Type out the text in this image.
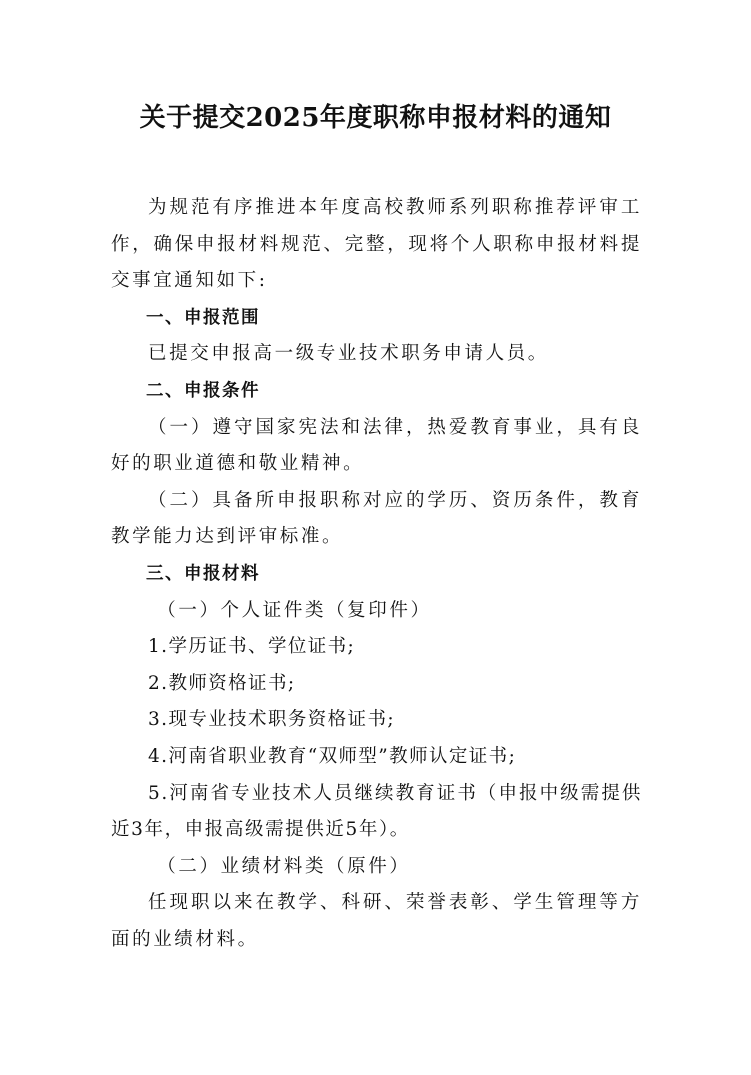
关于提交2025年度职称申报材料的通知

为规范有序推进本年度高校教师系列职称推荐评审工作，确保申报材料规范、完整，现将个人职称申报材料提交事宜通知如下:

一、申报范围

已提交申报高一级专业技术职务申请人员。

二、申报条件

（一）遵守国家宪法和法律，热爱教育事业，具有良好的职业道德和敬业精神。

（二）具备所申报职称对应的学历、资历条件，教育教学能力达到评审标准。

三、申报材料

（一）个人证件类（复印件）

1.学历证书、学位证书;

2.教师资格证书;

3.现专业技术职务资格证书;

4.河南省职业教育“双师型”教师认定证书;

5.河南省专业技术人员继续教育证书（申报中级需提供近3年，申报高级需提供近5年）。

（二）业绩材料类（原件）

任现职以来在教学、科研、荣誉表彰、学生管理等方面的业绩材料。
